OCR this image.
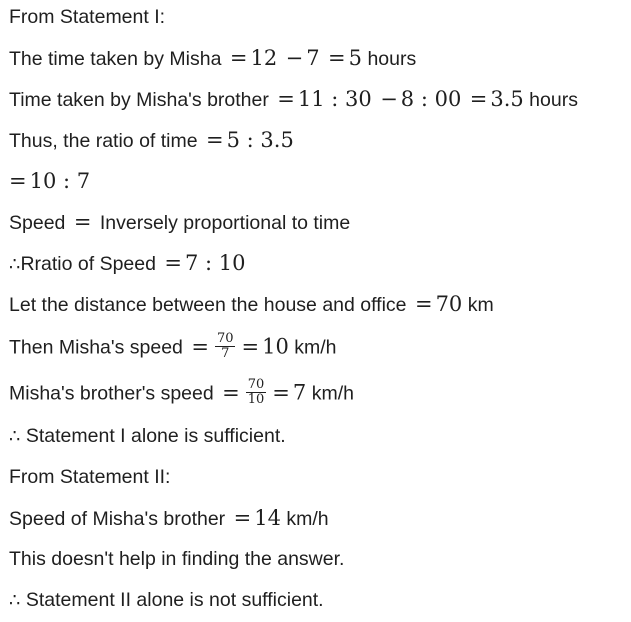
From Statement I:
The time taken by Misha = 12 − 7 = 5 hours
Time taken by Misha's brother = 11 : 30 − 8 : 00 = 3.5 hours
Thus, the ratio of time = 5 : 3.5
= 10 : 7
Speed = Inversely proportional to time
∴Rratio of Speed = 7 : 10
Let the distance between the house and office = 70 km
Then Misha's speed = $\frac{70}{7} = 10$ km/h
Misha's brother's speed = $\frac{70}{10} = 7$ km/h
∴ Statement I alone is sufficient.
From Statement II:
Speed of Misha's brother = 14 km/h
This doesn't help in finding the answer.
∴ Statement II alone is not sufficient.
